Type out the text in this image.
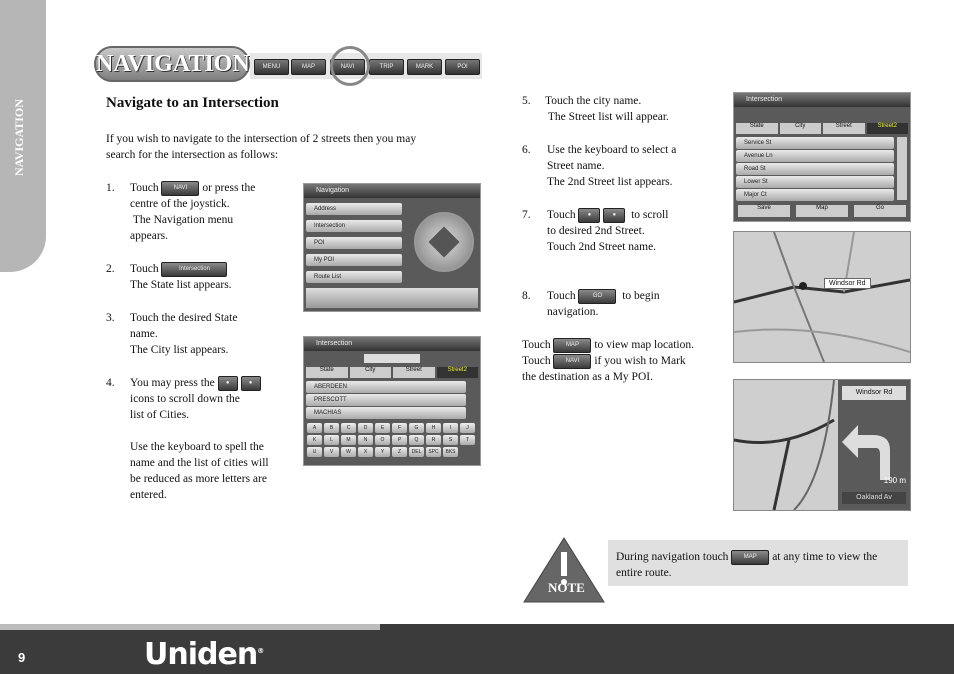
NAVIGATION
NAVIGATION	MENU	MAP	NAVI	TRIP	MARK	POI
Navigate to an Intersection
If you wish to navigate to the intersection of 2 streets then you may search for the intersection as follows:
1. Touch	NAVI or press the
centre of the joystick.
The Navigation menu
appears.
2. Touch	Intersection
The State list appears.
3. Touch the desired State
name.
The City list appears.
4. You may press the ●	●
icons to scroll down the
list of Cities.

Use the keyboard to spell the
name and the list of cities will
be reduced as more letters are
entered.
Navigation
Address
Intersection
POI
My POI
Route List
Intersection
State	City	Street	Street2
ABERDEEN
PRESCOTT
MACHIAS
A	B	C	D	E	F	G	H	I	J
K	L	M	N	O	P	Q	R	S	T
U	V	W	X	Y	Z	DEL	SPC	BKS
5. Touch the city name.
The Street list will appear.
6. Use the keyboard to select a
Street name.
The 2nd Street list appears.
7. Touch ●	● to scroll
to desired 2nd Street.
Touch 2nd Street name.
8. Touch	GO to begin
navigation.
Touch	MAP to view map location.
Touch	NAVI if you wish to Mark
the destination as a My POI.
Intersection
State	City	Street	Street2
Service St
Avenue Ln
Road St
Lower St
Major Ct
Save	Map	Go
Windsor Rd
Windsor Rd
190 m
Oakland Av
NOTE
During navigation touch	MAP at any time to view the
entire route.
9	Uniden®
